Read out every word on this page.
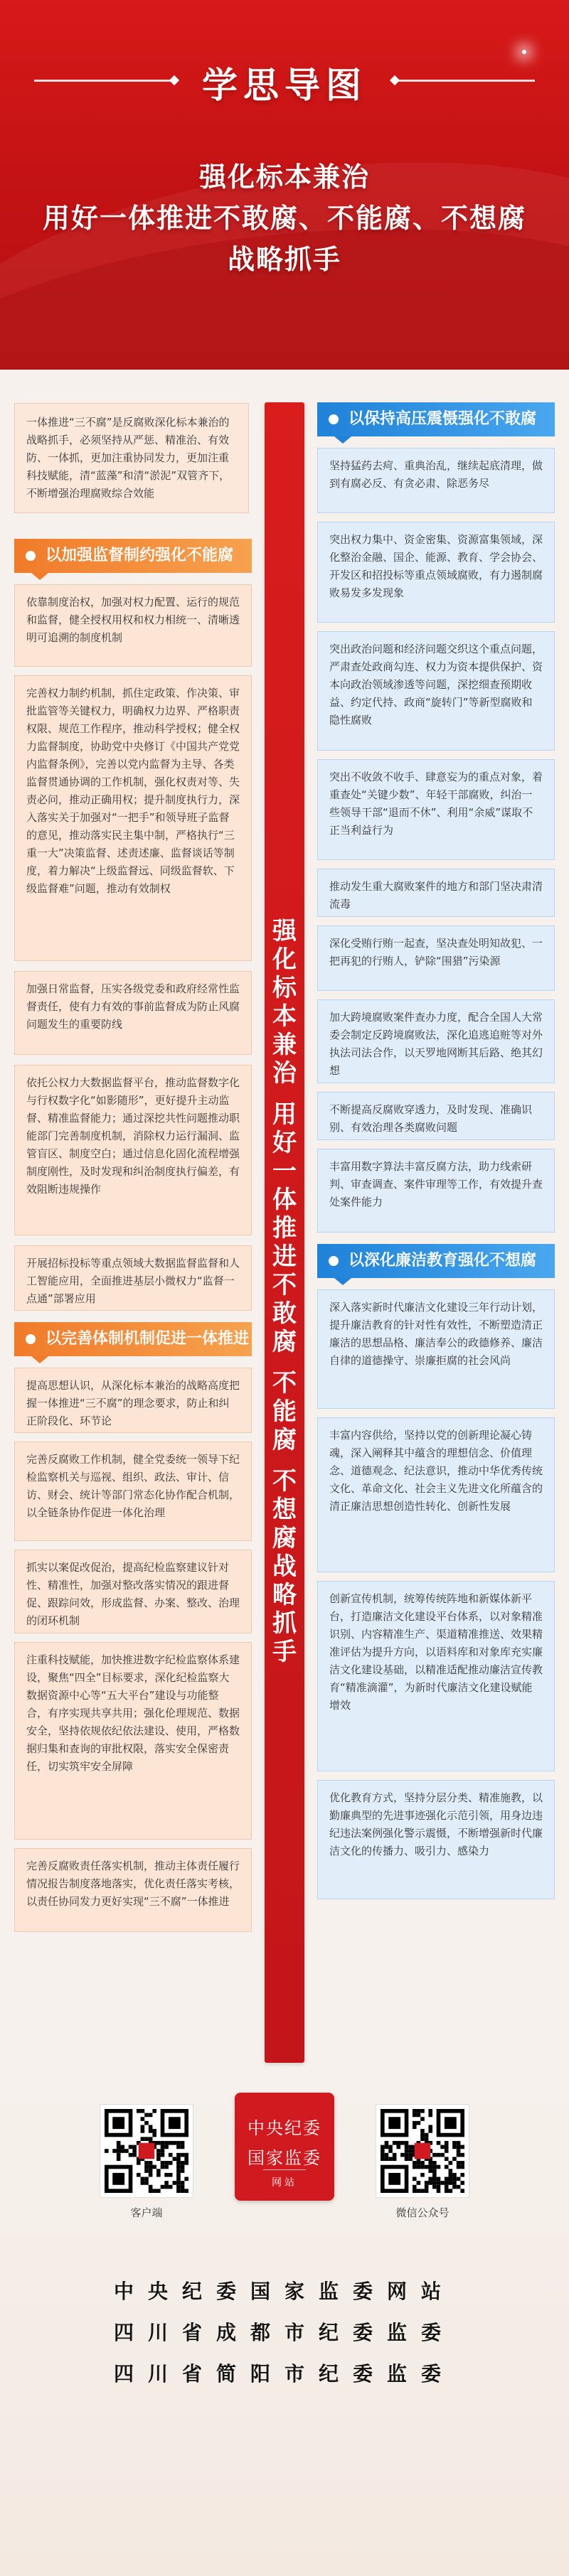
学思导图
强化标本兼治
用好一体推进不敢腐、不能腐、不想腐
战略抓手
一体推进“三不腐”是反腐败深化标本兼治的战略抓手，必须坚持从严惩、精准治、有效防、一体抓，更加注重协同发力，更加注重科技赋能，清“蓝藻”和清“淤泥”双管齐下，不断增强治理腐败综合效能
强
化
标
本
兼
治
用
好
一
体
推
进
不
敢
腐
不
能
腐
不
想
腐
战
略
抓
手
以加强监督制约强化不能腐
依靠制度治权，加强对权力配置、运行的规范和监督，健全授权用权和权力相统一、清晰透明可追溯的制度机制
完善权力制约机制，抓住定政策、作决策、审批监管等关键权力，明确权力边界、严格职责权限、规范工作程序，推动科学授权；健全权力监督制度，协助党中央修订《中国共产党党内监督条例》，完善以党内监督为主导、各类监督贯通协调的工作机制，强化权责对等、失责必问，推动正确用权；提升制度执行力，深入落实关于加强对“一把手”和领导班子监督的意见，推动落实民主集中制，严格执行“三重一大”决策监督、述责述廉、监督谈话等制度，着力解决“上级监督远、同级监督软、下级监督难”问题，推动有效制权
加强日常监督，压实各级党委和政府经常性监督责任，使有力有效的事前监督成为防止风腐问题发生的重要防线
依托公权力大数据监督平台，推动监督数字化与行权数字化“如影随形”，更好提升主动监督、精准监督能力；通过深挖共性问题推动职能部门完善制度机制，消除权力运行漏洞、监管盲区、制度空白；通过信息化固化流程增强制度刚性，及时发现和纠治制度执行偏差，有效阻断违规操作
开展招标投标等重点领域大数据监督监督和人工智能应用，全面推进基层小微权力“监督一点通”部署应用
以完善体制机制促进一体推进
提高思想认识，从深化标本兼治的战略高度把握一体推进“三不腐”的理念要求，防止和纠正阶段化、环节论
完善反腐败工作机制，健全党委统一领导下纪检监察机关与巡视、组织、政法、审计、信访、财会、统计等部门常态化协作配合机制，以全链条协作促进一体化治理
抓实以案促改促治，提高纪检监察建议针对性、精准性，加强对整改落实情况的跟进督促、跟踪问效，形成监督、办案、整改、治理的闭环机制
注重科技赋能，加快推进数字纪检监察体系建设，聚焦“四全”目标要求，深化纪检监察大数据资源中心等“五大平台”建设与功能整合，有序实现共享共用；强化伦理规范、数据安全，坚持依规依纪依法建设、使用，严格数据归集和查询的审批权限，落实安全保密责任，切实筑牢安全屏障
完善反腐败责任落实机制，推动主体责任履行情况报告制度落地落实，优化责任落实考核，以责任协同发力更好实现“三不腐”一体推进
以保持高压震慑强化不敢腐
坚持猛药去疴、重典治乱，继续起底清理，做到有腐必反、有贪必肃、除恶务尽
突出权力集中、资金密集、资源富集领域，深化整治金融、国企、能源、教育、学会协会、开发区和招投标等重点领域腐败，有力遏制腐败易发多发现象
突出政治问题和经济问题交织这个重点问题，严肃查处政商勾连、权力为资本提供保护、资本向政治领域渗透等问题，深挖细查预期收益、约定代持、政商“旋转门”等新型腐败和隐性腐败
突出不收敛不收手、肆意妄为的重点对象，着重查处“关键少数”、年轻干部腐败，纠治一些领导干部“退而不休”、利用“余威”谋取不正当利益行为
推动发生重大腐败案件的地方和部门坚决肃清流毒
深化受贿行贿一起查，坚决查处明知故犯、一把再犯的行贿人，铲除“围猎”污染源
加大跨境腐败案件查办力度，配合全国人大常委会制定反跨境腐败法，深化追逃追赃等对外执法司法合作，以天罗地网断其后路、绝其幻想
不断提高反腐败穿透力，及时发现、准确识别、有效治理各类腐败问题
丰富用数字算法丰富反腐方法，助力线索研判、审查调查、案件审理等工作，有效提升查处案件能力
以深化廉洁教育强化不想腐
深入落实新时代廉洁文化建设三年行动计划，提升廉洁教育的针对性有效性，不断塑造清正廉洁的思想品格、廉洁奉公的政德修养、廉洁自律的道德操守、崇廉拒腐的社会风尚
丰富内容供给，坚持以党的创新理论凝心铸魂，深入阐释其中蕴含的理想信念、价值理念、道德观念、纪法意识，推动中华优秀传统文化、革命文化、社会主义先进文化所蕴含的清正廉洁思想创造性转化、创新性发展
创新宣传机制，统筹传统阵地和新媒体新平台，打造廉洁文化建设平台体系，以对象精准识别、内容精准生产、渠道精准推送、效果精准评估为提升方向，以语料库和对象库充实廉洁文化建设基础，以精准适配推动廉洁宣传教育“精准滴灌”，为新时代廉洁文化建设赋能增效
优化教育方式，坚持分层分类、精准施教，以勤廉典型的先进事迹强化示范引领，用身边违纪违法案例强化警示震慑，不断增强新时代廉洁文化的传播力、吸引力、感染力
客户端
中央纪委
国家监委
网站
微信公众号
中央纪委国家监委网站
四川省成都市纪委监委
四川省简阳市纪委监委
